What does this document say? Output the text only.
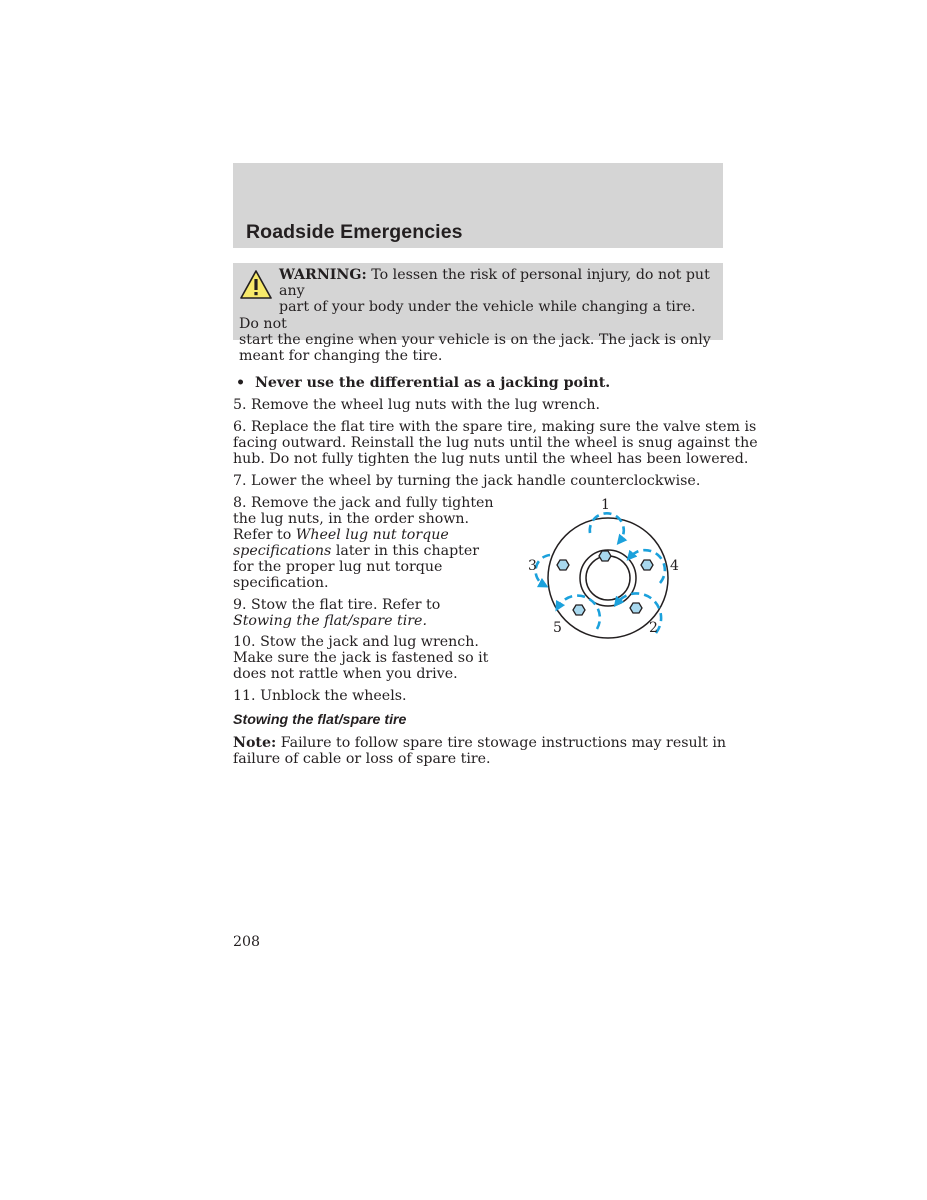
Roadside Emergencies
WARNING: To lessen the risk of personal injury, do not put any
part of your body under the vehicle while changing a tire. Do not
start the engine when your vehicle is on the jack. The jack is only
meant for changing the tire.

• Never use the differential as a jacking point.

5. Remove the wheel lug nuts with the lug wrench.

6. Replace the flat tire with the spare tire, making sure the valve stem is
facing outward. Reinstall the lug nuts until the wheel is snug against the
hub. Do not fully tighten the lug nuts until the wheel has been lowered.

7. Lower the wheel by turning the jack handle counterclockwise.

8. Remove the jack and fully tighten
the lug nuts, in the order shown.
Refer to Wheel lug nut torque
specifications later in this chapter
for the proper lug nut torque
specification.
9. Stow the flat tire. Refer to
Stowing the flat/spare tire.
10. Stow the jack and lug wrench.
Make sure the jack is fastened so it
does not rattle when you drive.

11. Unblock the wheels.

Stowing the flat/spare tire
Note: Failure to follow spare tire stowage instructions may result in
failure of cable or loss of spare tire.
1
2
3	4
5

208
